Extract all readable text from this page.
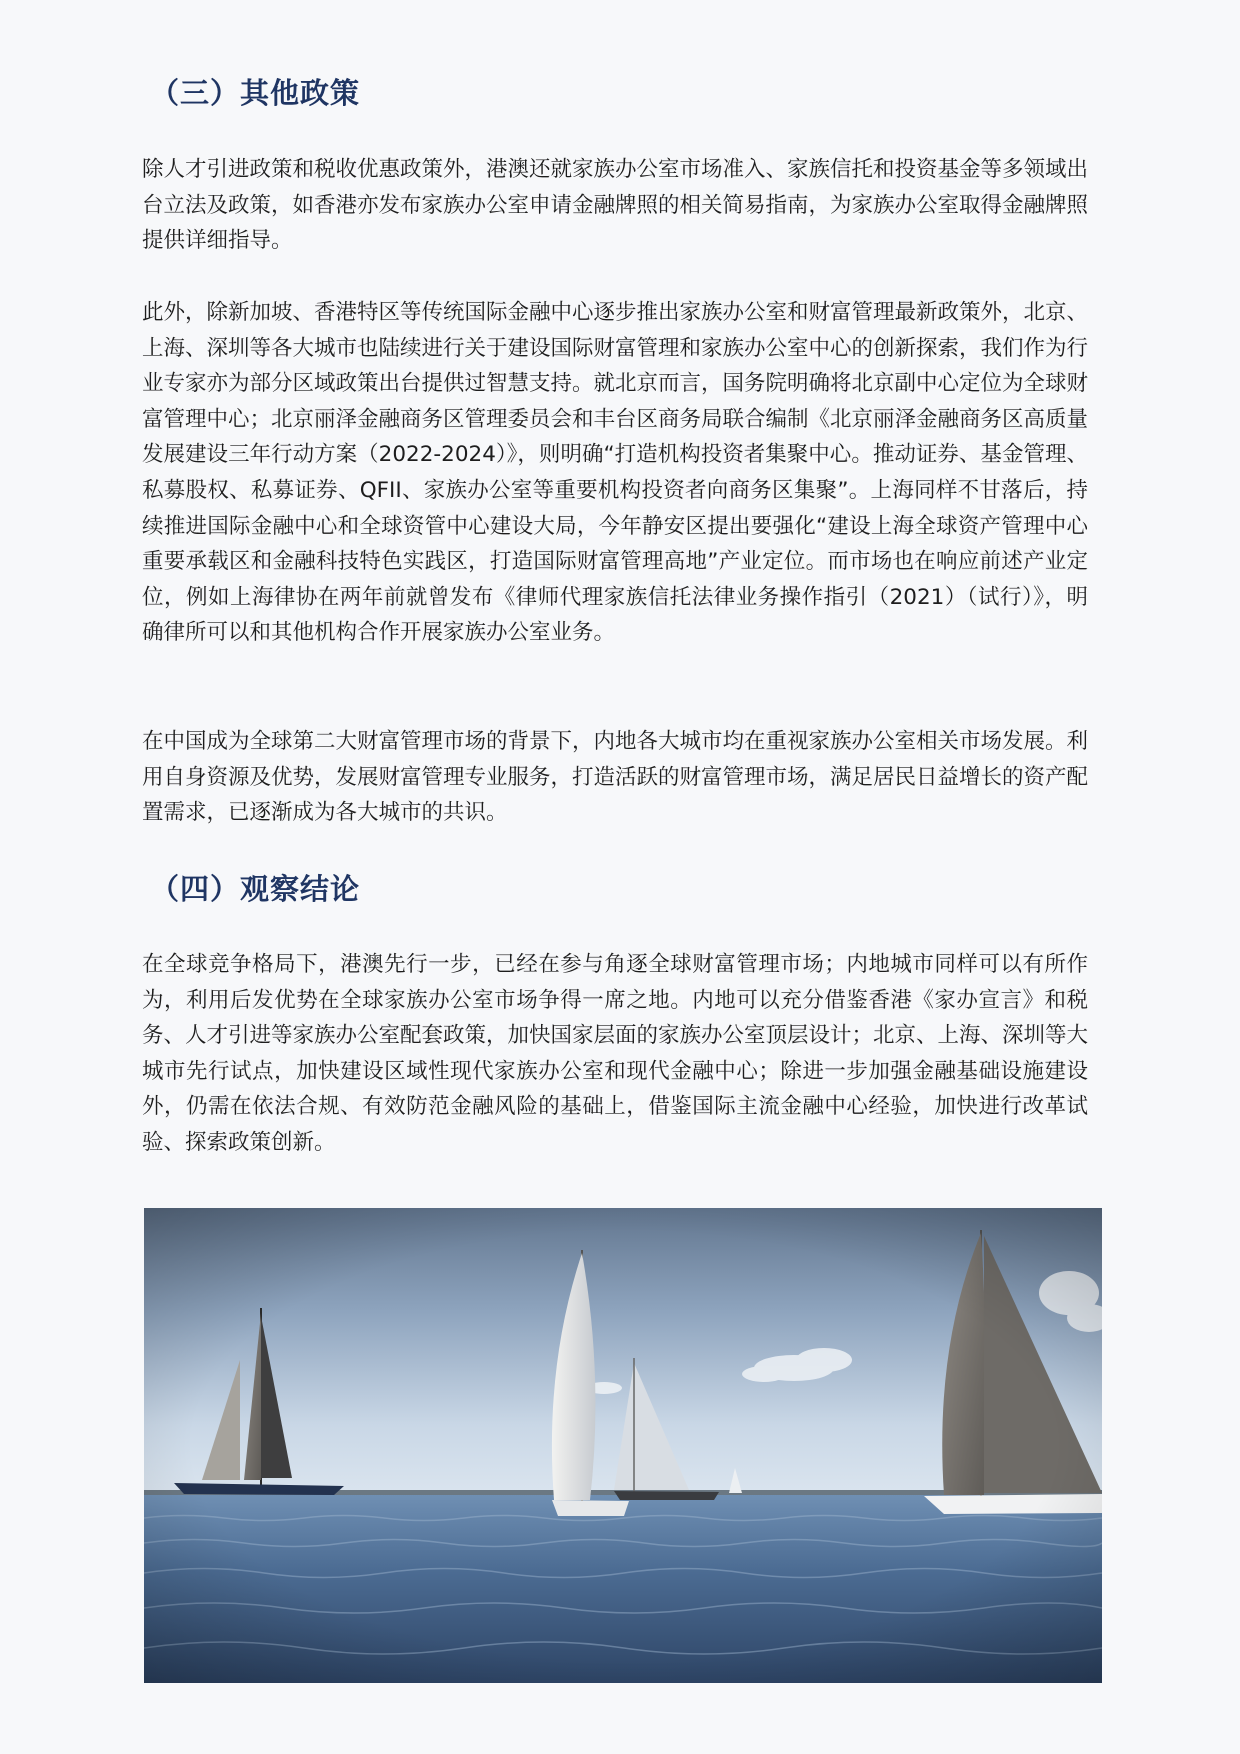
（三）其他政策

除人才引进政策和税收优惠政策外，港澳还就家族办公室市场准入、家族信托和投资基金等多领域出台立法及政策，如香港亦发布家族办公室申请金融牌照的相关简易指南，为家族办公室取得金融牌照提供详细指导。

此外，除新加坡、香港特区等传统国际金融中心逐步推出家族办公室和财富管理最新政策外，北京、上海、深圳等各大城市也陆续进行关于建设国际财富管理和家族办公室中心的创新探索，我们作为行业专家亦为部分区域政策出台提供过智慧支持。就北京而言，国务院明确将北京副中心定位为全球财富管理中心；北京丽泽金融商务区管理委员会和丰台区商务局联合编制《北京丽泽金融商务区高质量发展建设三年行动方案（2022-2024）》，则明确“打造机构投资者集聚中心。推动证券、基金管理、私募股权、私募证券、QFII、家族办公室等重要机构投资者向商务区集聚”。上海同样不甘落后，持续推进国际金融中心和全球资管中心建设大局，今年静安区提出要强化“建设上海全球资产管理中心重要承载区和金融科技特色实践区，打造国际财富管理高地”产业定位。而市场也在响应前述产业定位，例如上海律协在两年前就曾发布《律师代理家族信托法律业务操作指引（2021）（试行）》，明确律所可以和其他机构合作开展家族办公室业务。

在中国成为全球第二大财富管理市场的背景下，内地各大城市均在重视家族办公室相关市场发展。利用自身资源及优势，发展财富管理专业服务，打造活跃的财富管理市场，满足居民日益增长的资产配置需求，已逐渐成为各大城市的共识。

（四）观察结论

在全球竞争格局下，港澳先行一步，已经在参与角逐全球财富管理市场；内地城市同样可以有所作为，利用后发优势在全球家族办公室市场争得一席之地。内地可以充分借鉴香港《家办宣言》和税务、人才引进等家族办公室配套政策，加快国家层面的家族办公室顶层设计；北京、上海、深圳等大城市先行试点，加快建设区域性现代家族办公室和现代金融中心；除进一步加强金融基础设施建设外，仍需在依法合规、有效防范金融风险的基础上，借鉴国际主流金融中心经验，加快进行改革试验、探索政策创新。
